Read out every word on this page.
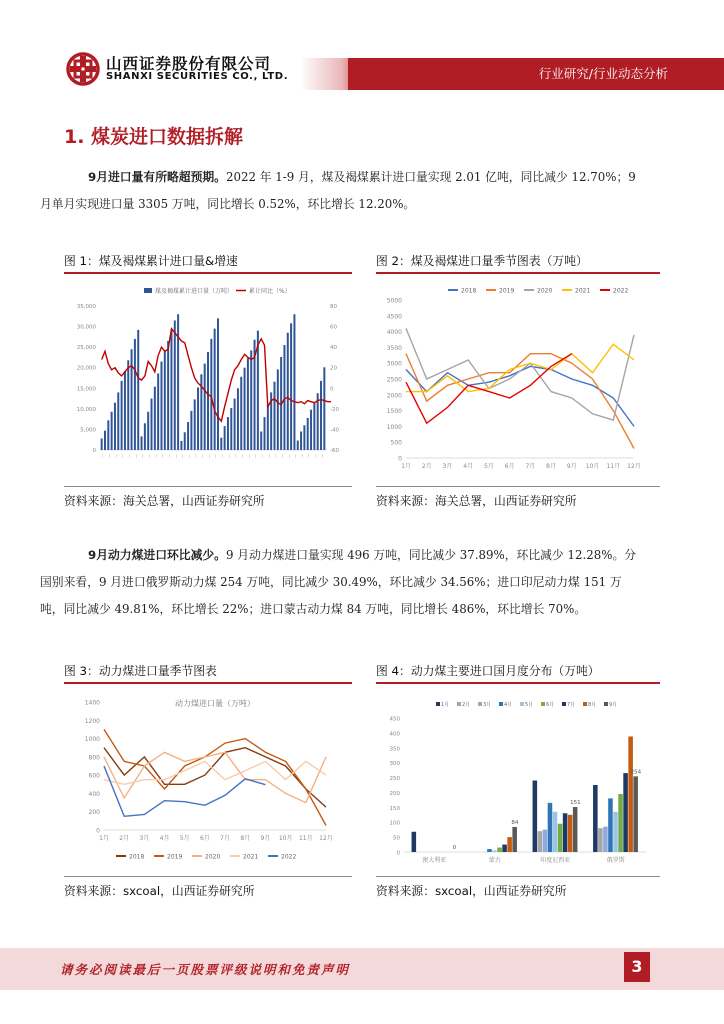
山西证券股份有限公司
SHANXI SECURITIES CO., LTD.	行业研究/行业动态分析
1. 煤炭进口数据拆解
9月进口量有所略超预期。2022 年 1-9 月，煤及褐煤累计进口量实现 2.01 亿吨，同比减少 12.70%；9
月单月实现进口量 3305 万吨，同比增长 0.52%，环比增长 12.20%。
图 1：煤及褐煤累计进口量&增速	图 2：煤及褐煤进口量季节图表（万吨）
煤及褐煤累计进口量（万吨）	累计同比（%）
0
5,000
10,000
15,000
20,000
25,000
30,000
35,000
-60
-40
-20
0
20
40
60
80
— — — — — — — — — — — — — — — — — — — — — — — — — — — — — — — — — —	0
500
1000
1500
2000
2500
3000
3500
4000
4500
5000
1月 2月 3月 4月 5月 6月 7月 8月 9月 10月 11月 12月
2018	2019	2020	2021	2022
资料来源：海关总署，山西证券研究所	资料来源：海关总署，山西证券研究所
9月动力煤进口环比减少。9 月动力煤进口量实现 496 万吨，同比减少 37.89%，环比减少 12.28%。分
国别来看，9 月进口俄罗斯动力煤 254 万吨，同比减少 30.49%，环比减少 34.56%；进口印尼动力煤 151 万
吨，同比减少 49.81%，环比增长 22%；进口蒙古动力煤 84 万吨，同比增长 486%，环比增长 70%。
图 3：动力煤进口量季节图表	图 4：动力煤主要进口国月度分布（万吨）
动力煤进口量（万吨）
0
200
400
600
800
1000
1200
1400
1月 2月 3月 4月 5月 6月 7月 8月 9月 10月 11月 12月
2018	2019	2020	2021	2022	0
50
100
150
200
250
300
350
400
450
1月	2月	3月	4月	5月	6月	7月	8月	9月
0
澳大利亚
84
蒙古
151
印度尼西亚
254
俄罗斯
资料来源：sxcoal，山西证券研究所	资料来源：sxcoal，山西证券研究所
请务必阅读最后一页股票评级说明和免责声明	3
